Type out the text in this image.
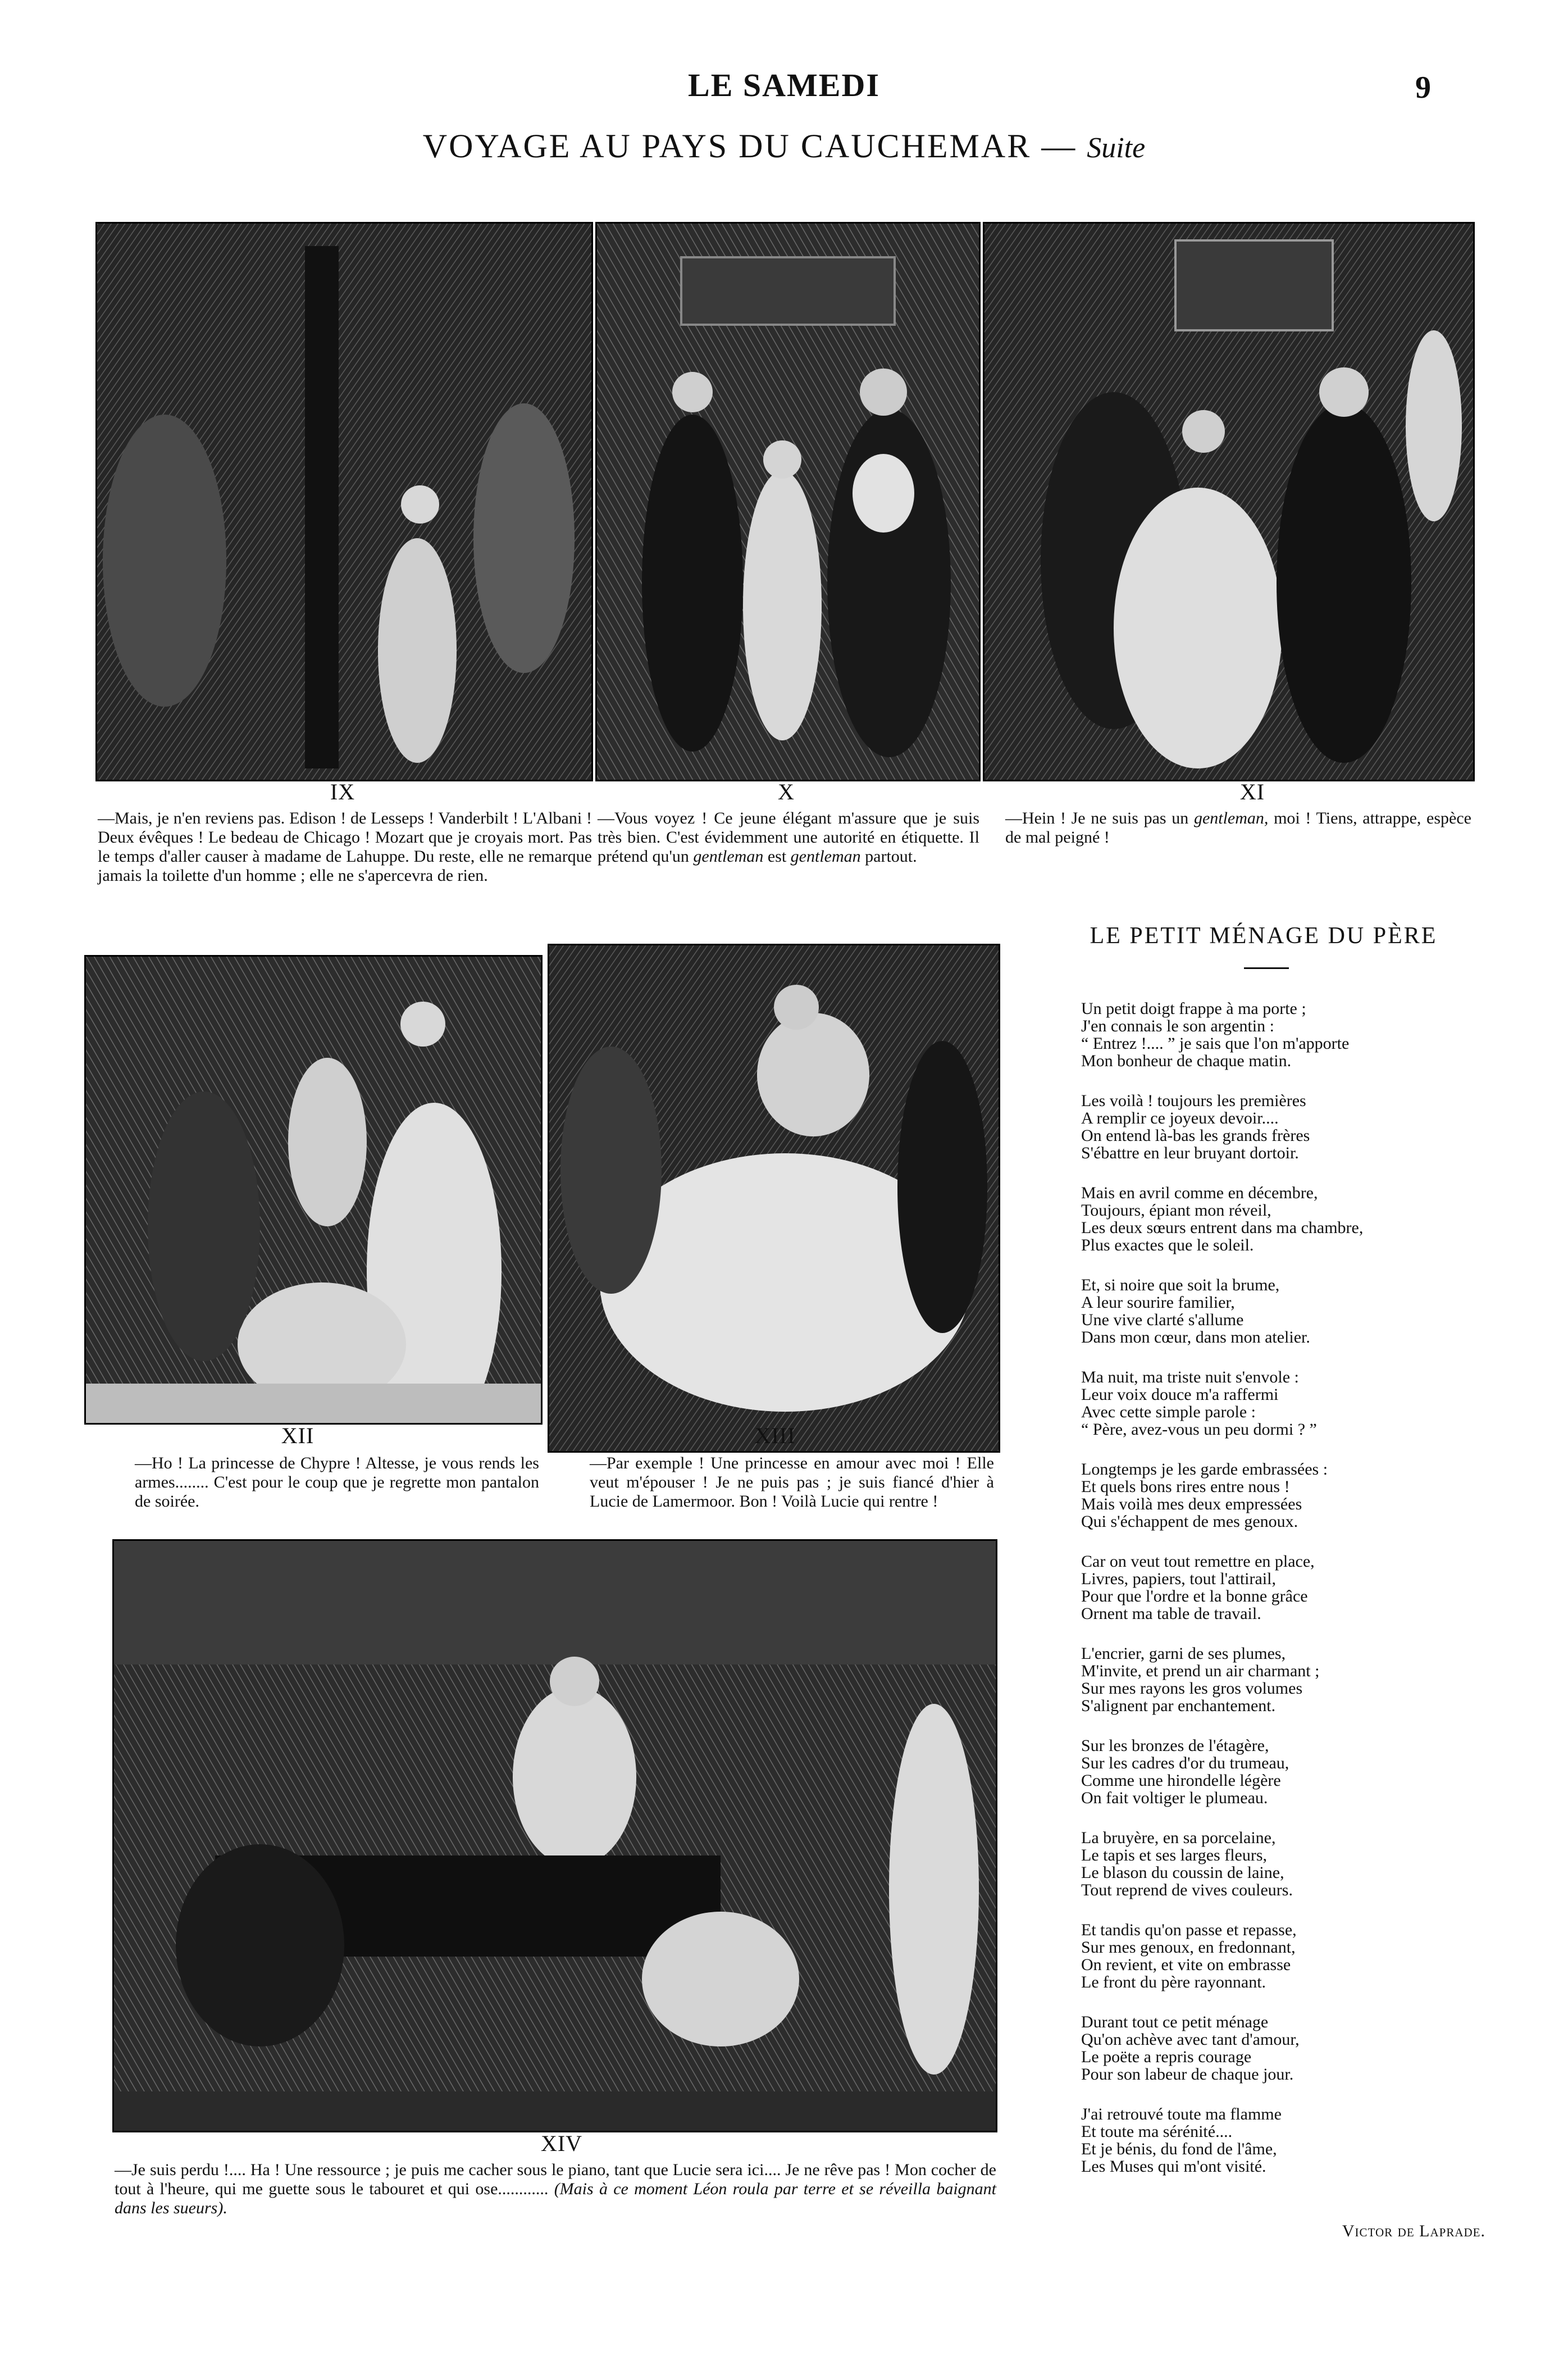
LE SAMEDI	9
VOYAGE AU PAYS DU CAUCHEMAR — Suite
IX
—Mais, je n'en reviens pas. Edison ! de Lesseps ! Vanderbilt ! L'Albani ! Deux évêques ! Le bedeau de Chicago ! Mozart que je croyais mort. Pas le temps d'aller causer à madame de Lahuppe. Du reste, elle ne remarque jamais la toilette d'un homme ; elle ne s'apercevra de rien.
X
—Vous voyez ! Ce jeune élégant m'assure que je suis très bien. C'est évidemment une autorité en étiquette. Il prétend qu'un gentleman est gentleman partout.
XI
—Hein ! Je ne suis pas un gentleman, moi ! Tiens, attrappe, espèce de mal peigné !
XII
—Ho ! La princesse de Chypre ! Altesse, je vous rends les armes........ C'est pour le coup que je regrette mon pantalon de soirée.
XIII
—Par exemple ! Une princesse en amour avec moi ! Elle veut m'épouser ! Je ne puis pas ; je suis fiancé d'hier à Lucie de Lamermoor. Bon ! Voilà Lucie qui rentre !
XIV
—Je suis perdu !.... Ha ! Une ressource ; je puis me cacher sous le piano, tant que Lucie sera ici.... Je ne rêve pas ! Mon cocher de tout à l'heure, qui me guette sous le tabouret et qui ose............ (Mais à ce moment Léon roula par terre et se réveilla baignant dans les sueurs).
LE PETIT MÉNAGE DU PÈRE
Un petit doigt frappe à ma porte ;
J'en connais le son argentin :
“ Entrez !.... ” je sais que l'on m'apporte
Mon bonheur de chaque matin.
Les voilà ! toujours les premières
A remplir ce joyeux devoir....
On entend là-bas les grands frères
S'ébattre en leur bruyant dortoir.
Mais en avril comme en décembre,
Toujours, épiant mon réveil,
Les deux sœurs entrent dans ma chambre,
Plus exactes que le soleil.
Et, si noire que soit la brume,
A leur sourire familier,
Une vive clarté s'allume
Dans mon cœur, dans mon atelier.
Ma nuit, ma triste nuit s'envole :
Leur voix douce m'a raffermi
Avec cette simple parole :
“ Père, avez-vous un peu dormi ? ”
Longtemps je les garde embrassées :
Et quels bons rires entre nous !
Mais voilà mes deux empressées
Qui s'échappent de mes genoux.
Car on veut tout remettre en place,
Livres, papiers, tout l'attirail,
Pour que l'ordre et la bonne grâce
Ornent ma table de travail.
L'encrier, garni de ses plumes,
M'invite, et prend un air charmant ;
Sur mes rayons les gros volumes
S'alignent par enchantement.
Sur les bronzes de l'étagère,
Sur les cadres d'or du trumeau,
Comme une hirondelle légère
On fait voltiger le plumeau.
La bruyère, en sa porcelaine,
Le tapis et ses larges fleurs,
Le blason du coussin de laine,
Tout reprend de vives couleurs.
Et tandis qu'on passe et repasse,
Sur mes genoux, en fredonnant,
On revient, et vite on embrasse
Le front du père rayonnant.
Durant tout ce petit ménage
Qu'on achève avec tant d'amour,
Le poëte a repris courage
Pour son labeur de chaque jour.
J'ai retrouvé toute ma flamme
Et toute ma sérénité....
Et je bénis, du fond de l'âme,
Les Muses qui m'ont visité.
Victor de Laprade.
